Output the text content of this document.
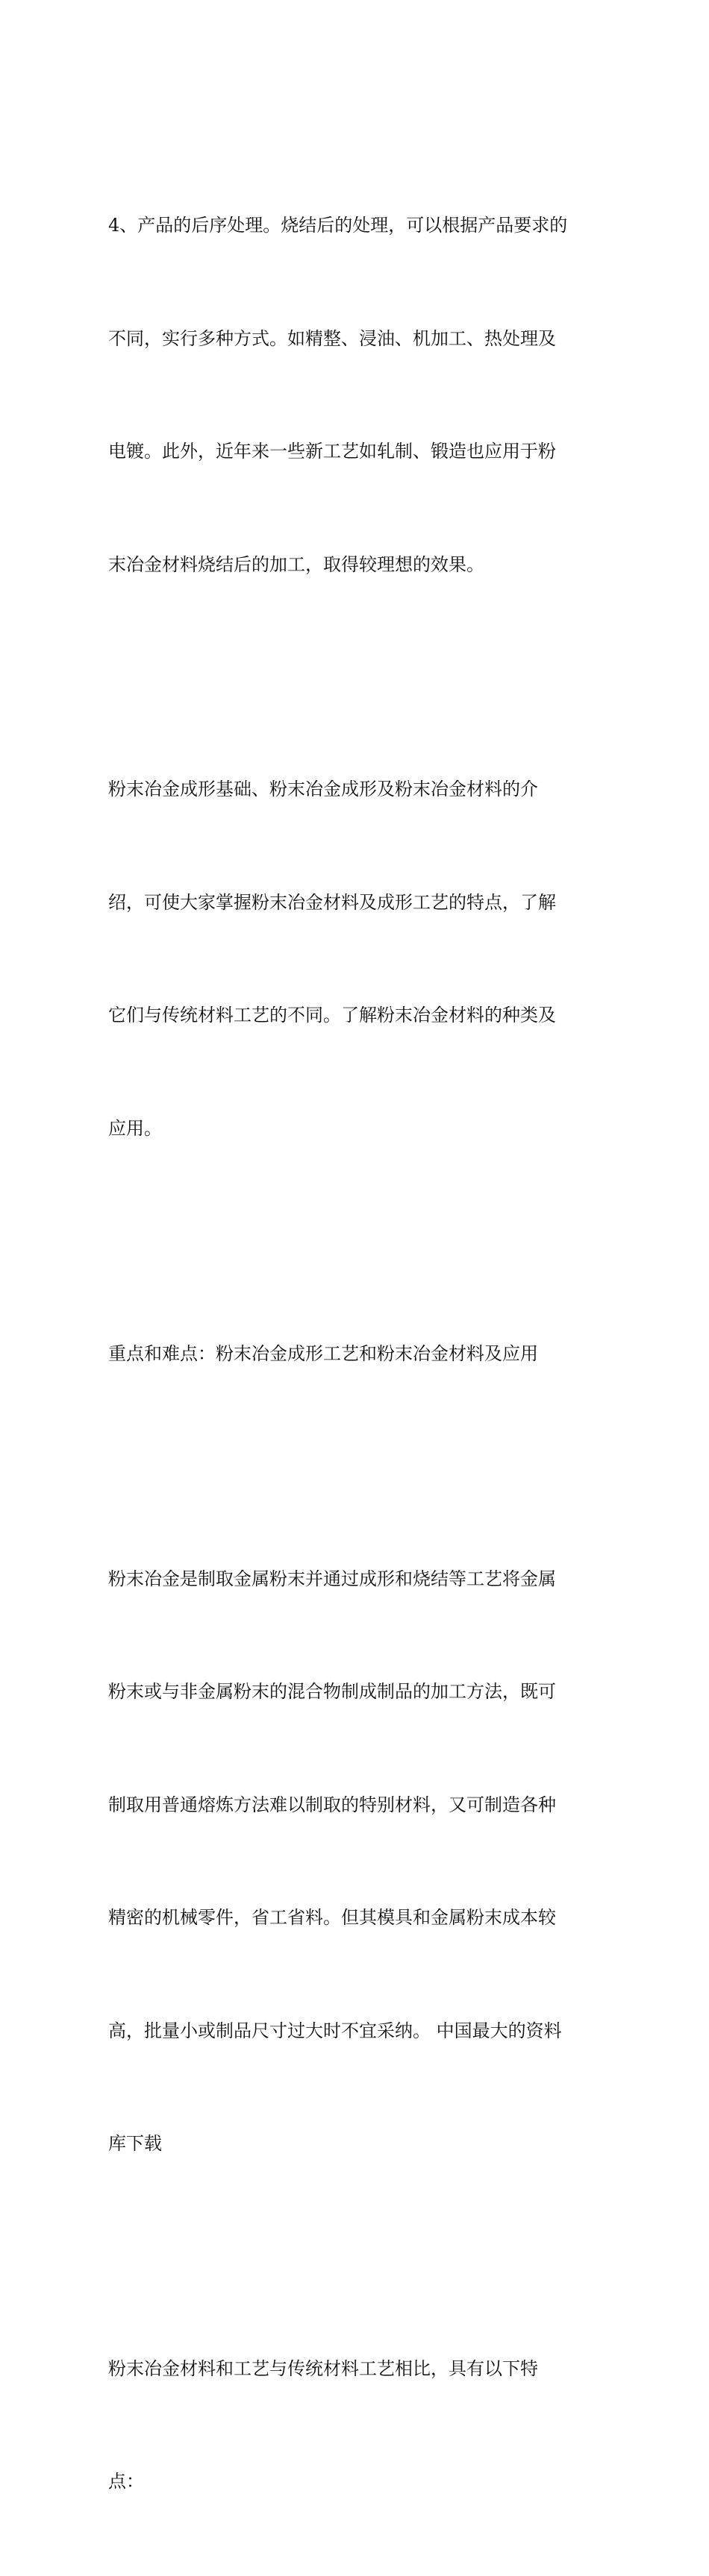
4、产品的后序处理。烧结后的处理，可以根据产品要求的

不同，实行多种方式。如精整、浸油、机加工、热处理及

电镀。此外，近年来一些新工艺如轧制、锻造也应用于粉

末冶金材料烧结后的加工，取得较理想的效果。

粉末冶金成形基础、粉末冶金成形及粉末冶金材料的介

绍，可使大家掌握粉末冶金材料及成形工艺的特点，了解

它们与传统材料工艺的不同。了解粉末冶金材料的种类及

应用。

重点和难点：粉末冶金成形工艺和粉末冶金材料及应用

粉末冶金是制取金属粉末并通过成形和烧结等工艺将金属

粉末或与非金属粉末的混合物制成制品的加工方法，既可

制取用普通熔炼方法难以制取的特别材料，又可制造各种

精密的机械零件，省工省料。但其模具和金属粉末成本较

高，批量小或制品尺寸过大时不宜采纳。 中国最大的资料

库下载

粉末冶金材料和工艺与传统材料工艺相比，具有以下特

点：
